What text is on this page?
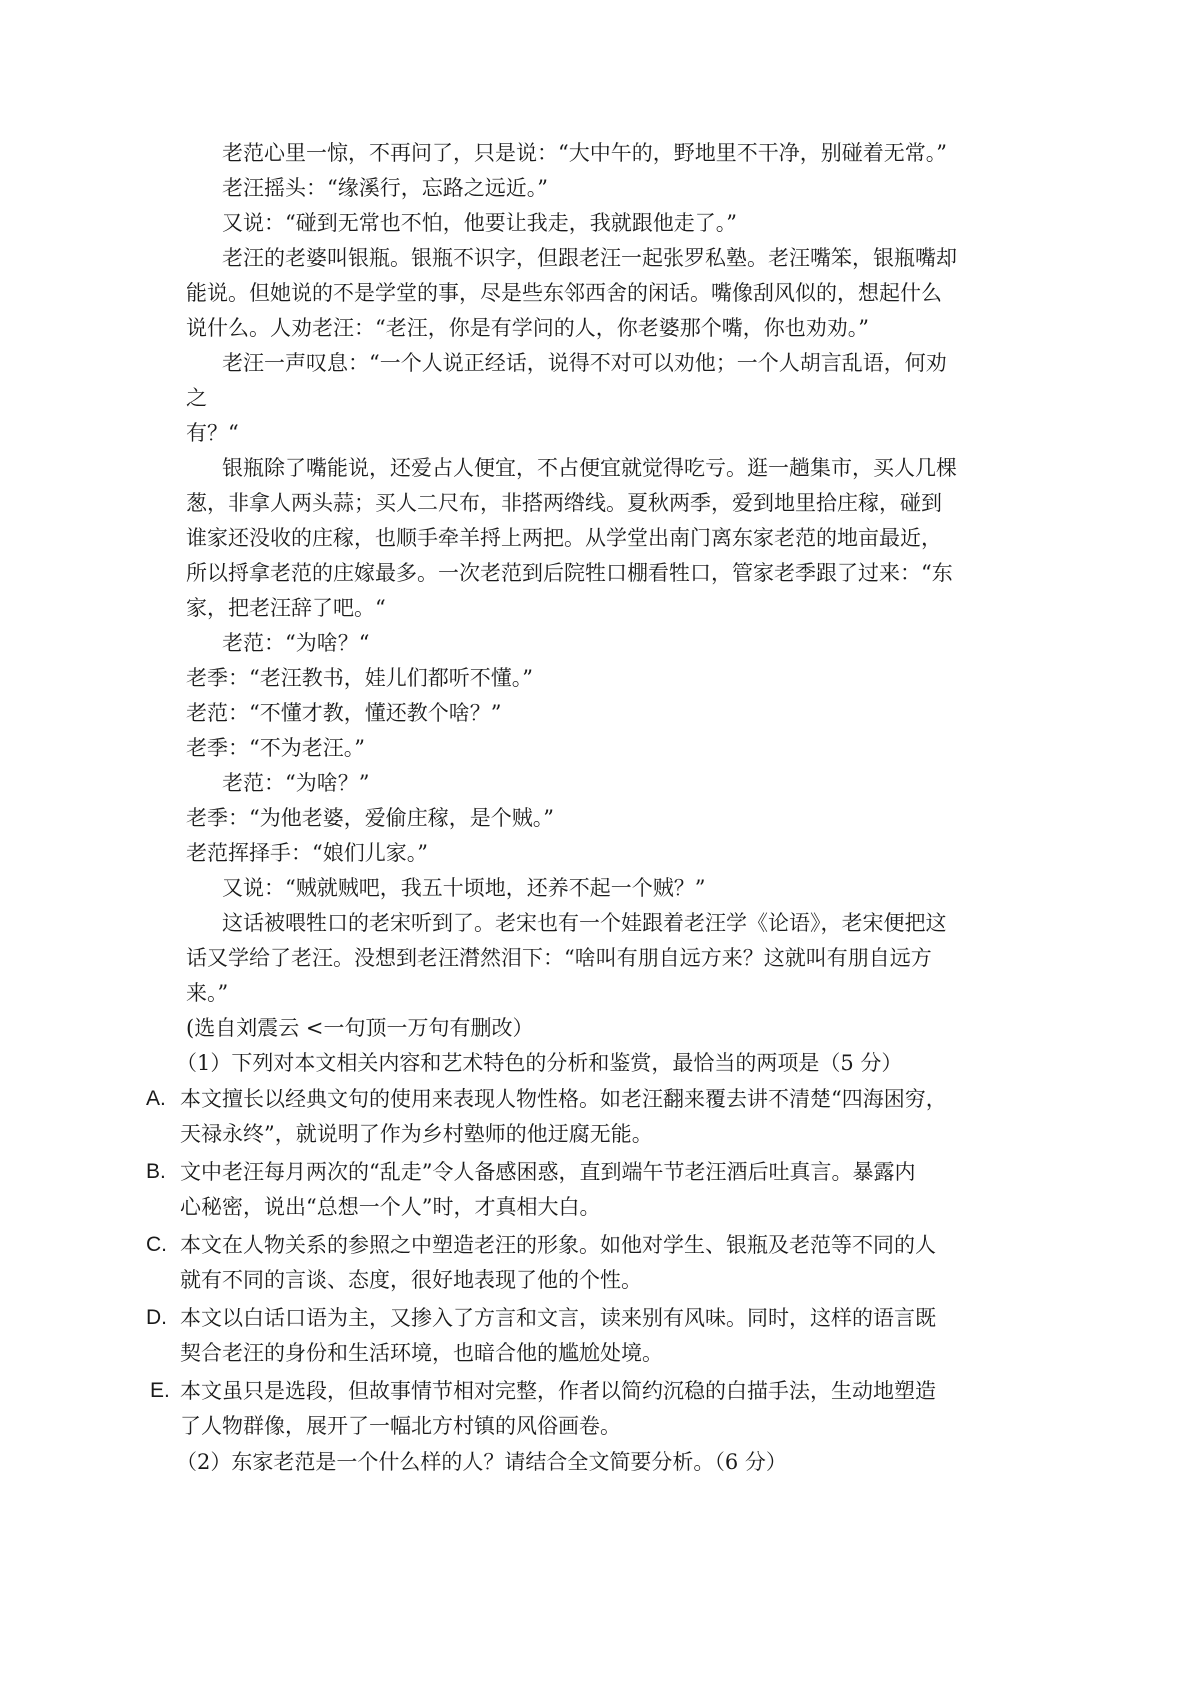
老范心里一惊，不再问了，只是说：“大中午的，野地里不干净，别碰着无常。”
老汪摇头：“缘溪行，忘路之远近。”
又说：“碰到无常也不怕，他要让我走，我就跟他走了。”
老汪的老婆叫银瓶。银瓶不识字，但跟老汪一起张罗私塾。老汪嘴笨，银瓶嘴却
能说。但她说的不是学堂的事，尽是些东邻西舍的闲话。嘴像刮风似的，想起什么
说什么。人劝老汪：“老汪，你是有学问的人，你老婆那个嘴，你也劝劝。”
老汪一声叹息：“一个人说正经话，说得不对可以劝他；一个人胡言乱语，何劝
之
有？“
银瓶除了嘴能说，还爱占人便宜，不占便宜就觉得吃亏。逛一趟集市，买人几棵
葱，非拿人两头蒜；买人二尺布，非搭两绺线。夏秋两季，爱到地里拾庄稼，碰到
谁家还没收的庄稼，也顺手牵羊捋上两把。从学堂出南门离东家老范的地亩最近，
所以捋拿老范的庄嫁最多。一次老范到后院牲口棚看牲口，管家老季跟了过来：“东
家，把老汪辞了吧。“
老范：“为啥？“
老季：“老汪教书，娃儿们都听不懂。”
老范：“不懂才教，懂还教个啥？”
老季：“不为老汪。”
老范：“为啥？”
老季：“为他老婆，爱偷庄稼，是个贼。”
老范挥择手：“娘们儿家。”
又说：“贼就贼吧，我五十顷地，还养不起一个贼？”
这话被喂牲口的老宋听到了。老宋也有一个娃跟着老汪学《论语》，老宋便把这
话又学给了老汪。没想到老汪潸然泪下：“啥叫有朋自远方来？这就叫有朋自远方
来。”
(选自刘震云 <一句顶一万句有删改）
（1）下列对本文相关内容和艺术特色的分析和鉴赏，最恰当的两项是（5 分）
A. 本文擅长以经典文句的使用来表现人物性格。如老汪翻来覆去讲不清楚“四海困穷，
天禄永终”，就说明了作为乡村塾师的他迂腐无能。
B. 文中老汪每月两次的“乱走”令人备感困惑，直到端午节老汪酒后吐真言。暴露内
心秘密，说出“总想一个人”时，才真相大白。
C. 本文在人物关系的参照之中塑造老汪的形象。如他对学生、银瓶及老范等不同的人
就有不同的言谈、态度，很好地表现了他的个性。
D. 本文以白话口语为主，又掺入了方言和文言，读来别有风味。同时，这样的语言既
契合老汪的身份和生活环境，也暗合他的尴尬处境。
E. 本文虽只是选段，但故事情节相对完整，作者以简约沉稳的白描手法，生动地塑造
了人物群像，展开了一幅北方村镇的风俗画卷。
（2）东家老范是一个什么样的人？请结合全文简要分析。（6 分）
